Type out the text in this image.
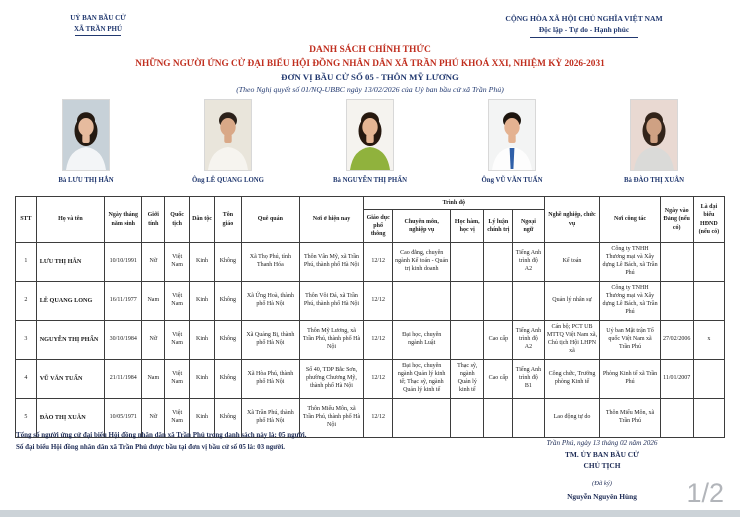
UỶ BAN BẦU CỬ
XÃ TRẦN PHÚ
CỘNG HÒA XÃ HỘI CHỦ NGHĨA VIỆT NAM
Độc lập - Tự do - Hạnh phúc
DANH SÁCH CHÍNH THỨC
NHỮNG NGƯỜI ỨNG CỬ ĐẠI BIỂU HỘI ĐỒNG NHÂN DÂN XÃ TRẦN PHÚ KHOÁ XXI, NHIỆM KỲ 2026-2031
ĐƠN VỊ BẦU CỬ SỐ 05 - THÔN MỸ LƯƠNG
(Theo Nghị quyết số 01/NQ-UBBC ngày 13/02/2026 của Uỷ ban bầu cử xã Trần Phú)
Bà LƯU THỊ HẮN	Ông LÊ QUANG LONG	Bà NGUYỄN THỊ PHẨN	Ông VŨ VĂN TUẤN	Bà ĐÀO THỊ XUÂN
STT	Họ và tên	Ngày tháng năm sinh	Giới tính	Quốc tịch	Dân tộc	Tôn giáo	Quê quán	Nơi ở hiện nay	Trình độ					Nghề nghiệp, chức vụ	Nơi công tác	Ngày vào Đảng (nếu có)	Là đại biểu HĐND (nếu có)
									Giáo dục phổ thông	Chuyên môn, nghiệp vụ	Học hàm, học vị	Lý luận chính trị	Ngoại ngữ				
1	LƯU THỊ HẮN	10/10/1991	Nữ	Việt Nam	Kinh	Không	Xã Thọ Phú, tỉnh Thanh Hóa	Thôn Vân Mỹ, xã Trần Phú, thành phố Hà Nội	12/12	Cao đẳng, chuyên ngành Kế toán - Quản trị kinh doanh			Tiếng Anh trình độ A2	Kế toán	Công ty TNHH Thương mại và Xây dựng Lê Bách, xã Trần Phú		
2	LÊ QUANG LONG	16/11/1977	Nam	Việt Nam	Kinh	Không	Xã Ứng Hoà, thành phố Hà Nội	Thôn Vôi Đá, xã Trần Phú, thành phố Hà Nội	12/12					Quản lý nhân sự	Công ty TNHH Thương mại và Xây dựng Lê Bách, xã Trần Phú		
3	NGUYỄN THỊ PHẨN	30/10/1984	Nữ	Việt Nam	Kinh	Không	Xã Quảng Bị, thành phố Hà Nội	Thôn Mỹ Lương, xã Trần Phú, thành phố Hà Nội	12/12	Đại học, chuyên ngành Luật		Cao cấp	Tiếng Anh trình độ A2	Cán bộ; PCT UB MTTQ Việt Nam xã, Chủ tịch Hội LHPN xã	Uỷ ban Mặt trận Tổ quốc Việt Nam xã Trần Phú	27/02/2006	x
4	VŨ VĂN TUẤN	21/11/1984	Nam	Việt Nam	Kinh	Không	Xã Hòa Phú, thành phố Hà Nội	Số 40, TDP Bắc Sơn, phường Chương Mỹ, thành phố Hà Nội	12/12	Đại học, chuyên ngành Quản lý kinh tế; Thạc sỹ, ngành Quản lý kinh tế	Thạc sỹ, ngành Quản lý kinh tế	Cao cấp	Tiếng Anh trình độ B1	Công chức, Trưởng phòng Kinh tế	Phòng Kinh tế xã Trần Phú	11/01/2007	
5	ĐÀO THỊ XUÂN	10/05/1971	Nữ	Việt Nam	Kinh	Không	Xã Trần Phú, thành phố Hà Nội	Thôn Miếu Môn, xã Trần Phú, thành phố Hà Nội	12/12					Lao động tự do	Thôn Miếu Môn, xã Trần Phú		
Tổng số người ứng cử đại biểu Hội đồng nhân dân xã Trần Phú trong danh sách này là: 05 người.
Số đại biểu Hội đồng nhân dân xã Trần Phú được bầu tại đơn vị bầu cử số 05 là: 03 người.	Trần Phú, ngày 13 tháng 02 năm 2026
TM. ỦY BAN BẦU CỬ
CHỦ TỊCH
(Đã ký)
Nguyễn Nguyên Hùng	1/2
